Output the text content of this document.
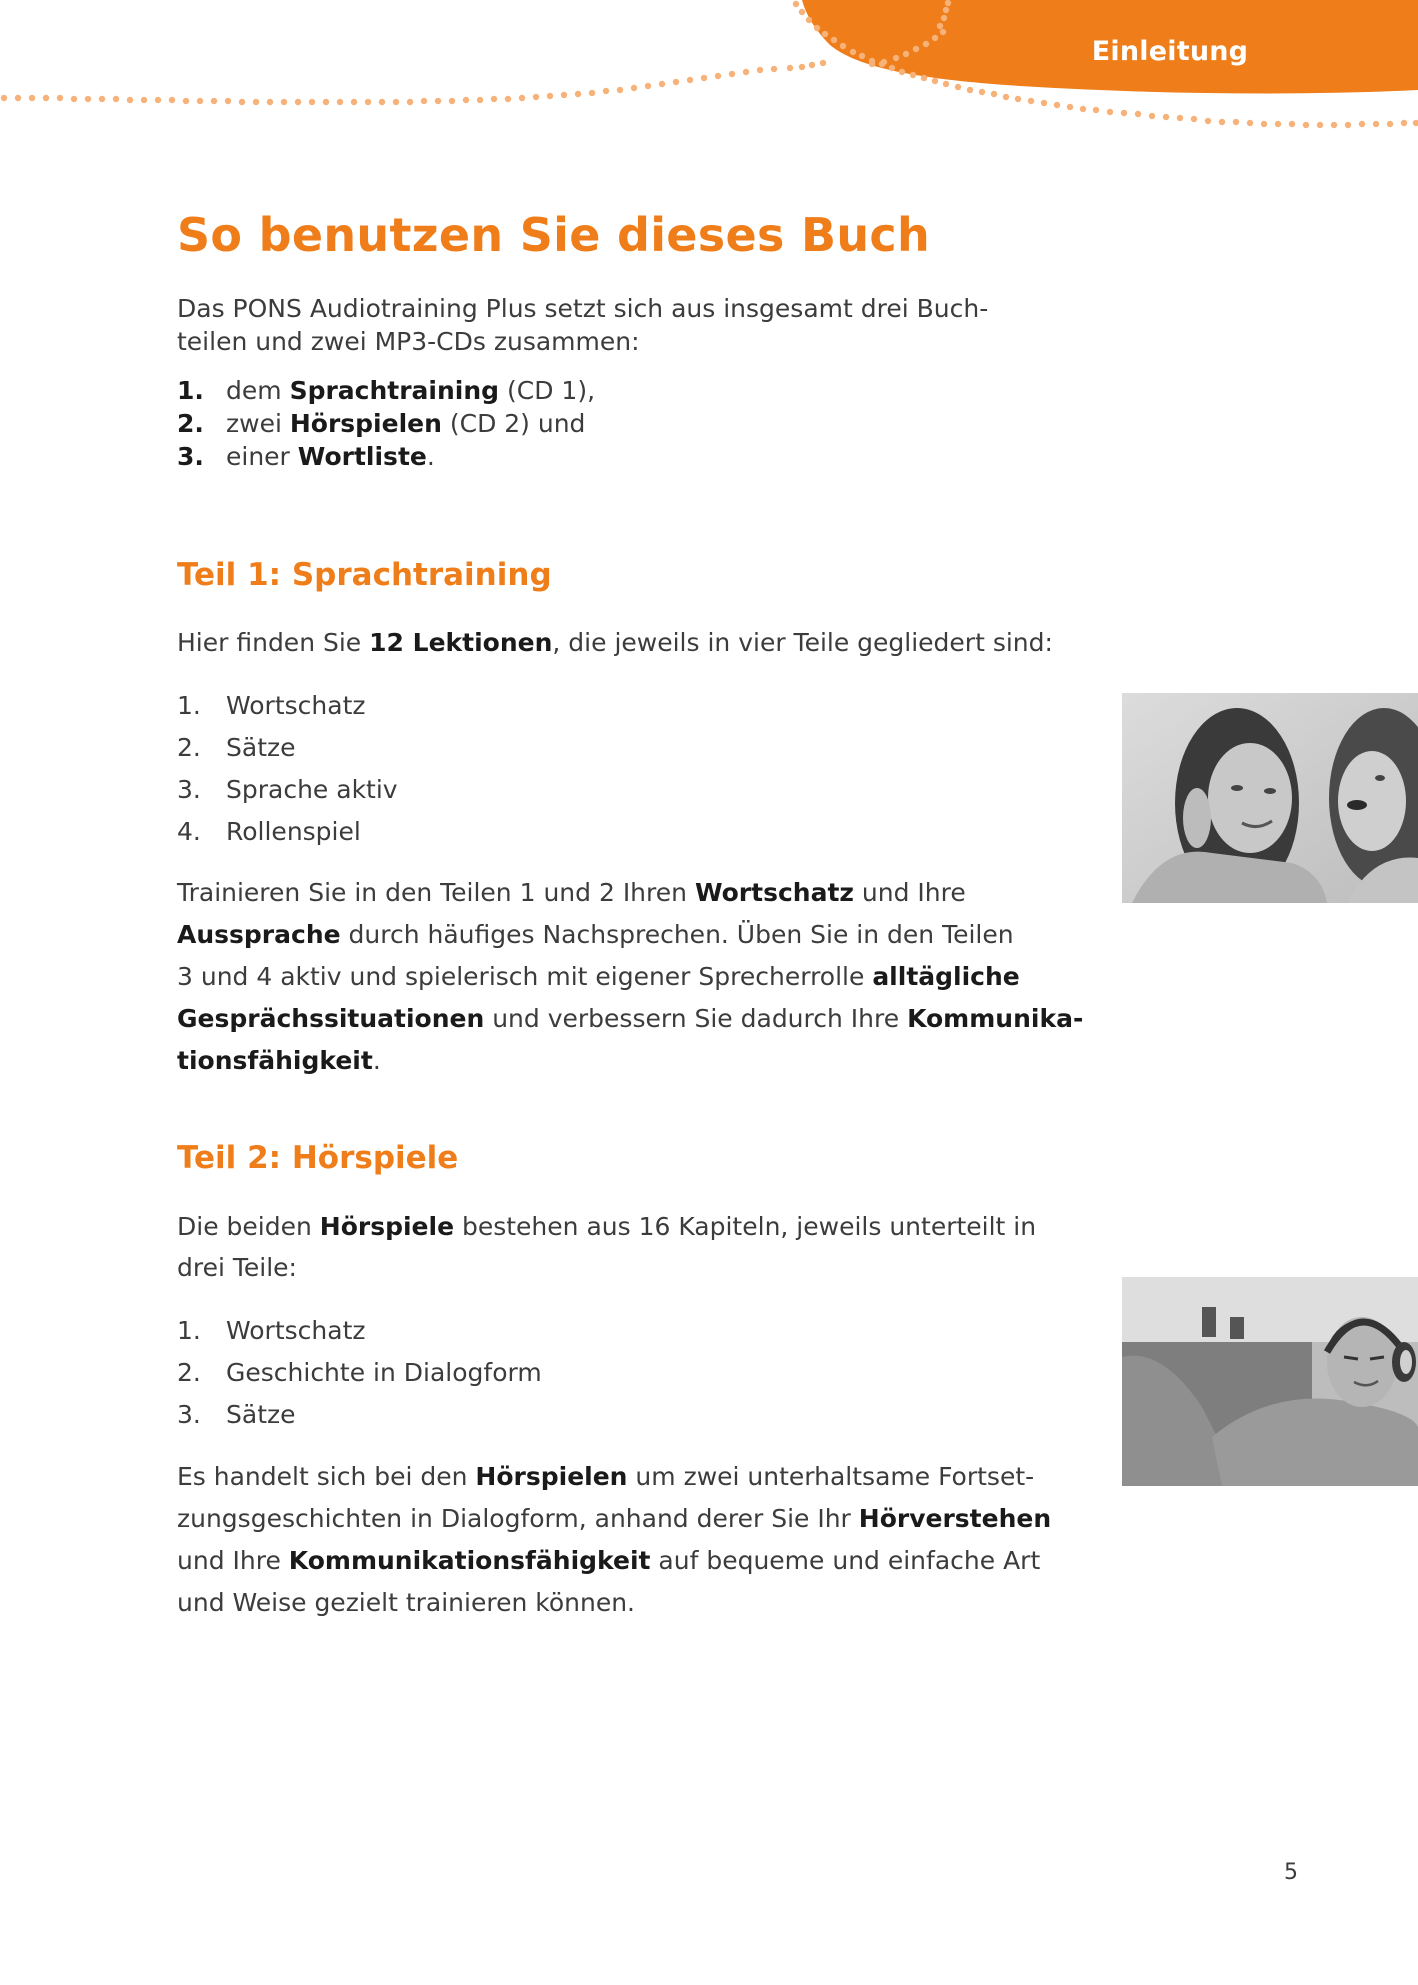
Einleitung
So benutzen Sie dieses Buch

Das PONS Audiotraining Plus setzt sich aus insgesamt drei Buch-

teilen und zwei MP3-CDs zusammen:

1. dem Sprachtraining (CD 1),
2. zwei Hörspielen (CD 2) und
3. einer Wortliste.
Teil 1: Sprachtraining

Hier finden Sie 12 Lektionen, die jeweils in vier Teile gegliedert sind:

1. Wortschatz
2. Sätze
3. Sprache aktiv
4. Rollenspiel

Trainieren Sie in den Teilen 1 und 2 Ihren Wortschatz und Ihre

Aussprache durch häufiges Nachsprechen. Üben Sie in den Teilen

3 und 4 aktiv und spielerisch mit eigener Sprecherrolle alltägliche

Gesprächssituationen und verbessern Sie dadurch Ihre Kommunika-

tionsfähigkeit.

Teil 2: Hörspiele

Die beiden Hörspiele bestehen aus 16 Kapiteln, jeweils unterteilt in

drei Teile:

1. Wortschatz
2. Geschichte in Dialogform
3. Sätze

Es handelt sich bei den Hörspielen um zwei unterhaltsame Fortset-

zungsgeschichten in Dialogform, anhand derer Sie Ihr Hörverstehen

und Ihre Kommunikationsfähigkeit auf bequeme und einfache Art

und Weise gezielt trainieren können.

5
